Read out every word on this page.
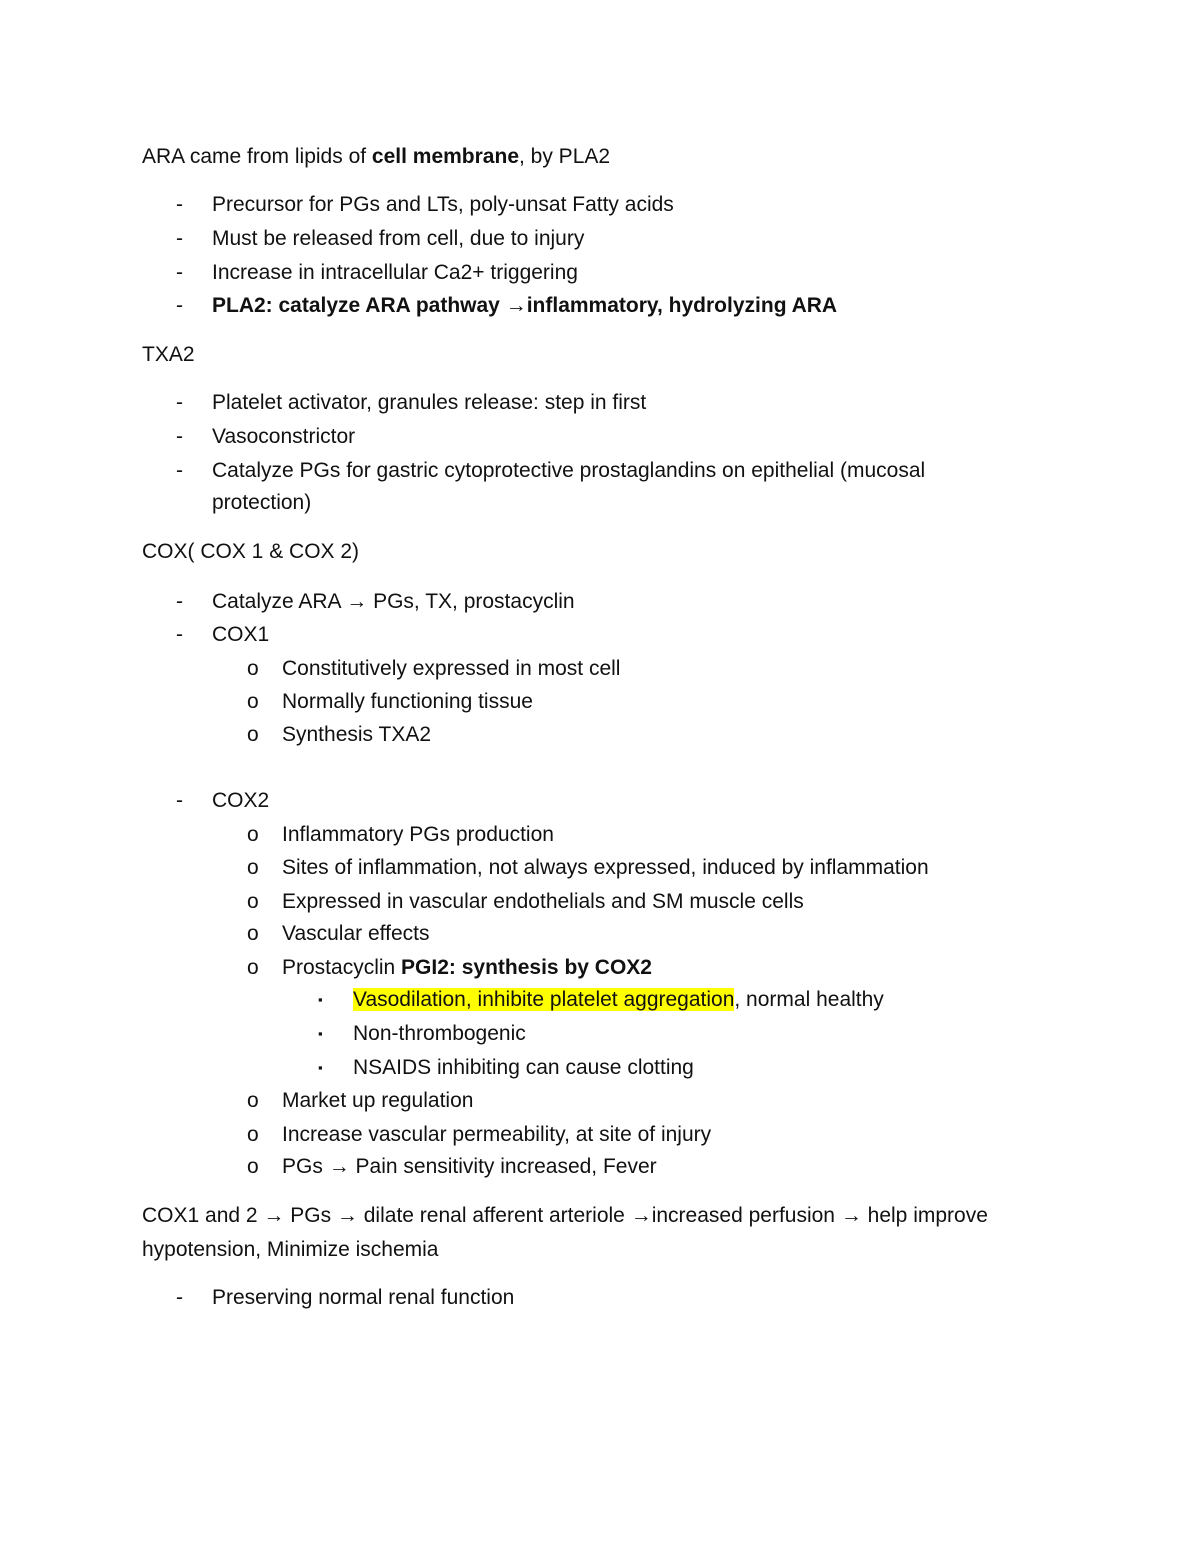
ARA came from lipids of cell membrane, by PLA2
- Precursor for PGs and LTs, poly-unsat Fatty acids
- Must be released from cell, due to injury
- Increase in intracellular Ca2+ triggering
- PLA2: catalyze ARA pathway →inflammatory, hydrolyzing ARA
TXA2
- Platelet activator, granules release: step in first
- Vasoconstrictor
- Catalyze PGs for gastric cytoprotective prostaglandins on epithelial (mucosal
protection)
COX( COX 1 & COX 2)
- Catalyze ARA → PGs, TX, prostacyclin
- COX1
o Constitutively expressed in most cell
o Normally functioning tissue
o Synthesis TXA2
- COX2
o Inflammatory PGs production
o Sites of inflammation, not always expressed, induced by inflammation
o Expressed in vascular endothelials and SM muscle cells
o Vascular effects
o Prostacyclin PGI2: synthesis by COX2
▪ Vasodilation, inhibite platelet aggregation, normal healthy
▪ Non-thrombogenic
▪ NSAIDS inhibiting can cause clotting
o Market up regulation
o Increase vascular permeability, at site of injury
o PGs → Pain sensitivity increased, Fever
COX1 and 2 → PGs → dilate renal afferent arteriole →increased perfusion → help improve
hypotension, Minimize ischemia
- Preserving normal renal function
